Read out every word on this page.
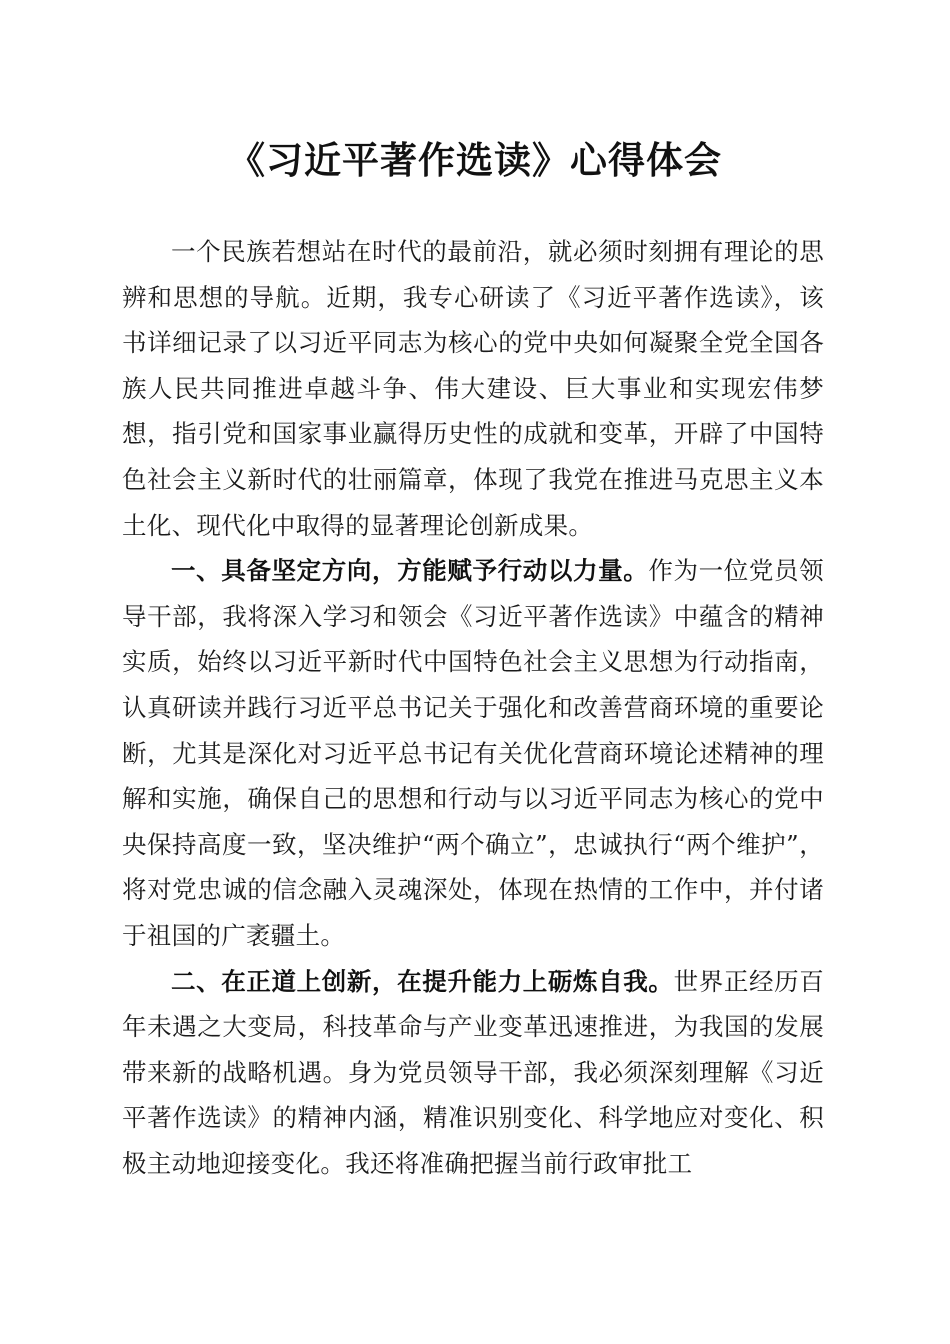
《习近平著作选读》心得体会

一个民族若想站在时代的最前沿，就必须时刻拥有理论的思辨和思想的导航。近期，我专心研读了《习近平著作选读》，该书详细记录了以习近平同志为核心的党中央如何凝聚全党全国各族人民共同推进卓越斗争、伟大建设、巨大事业和实现宏伟梦想，指引党和国家事业赢得历史性的成就和变革，开辟了中国特色社会主义新时代的壮丽篇章，体现了我党在推进马克思主义本土化、现代化中取得的显著理论创新成果。

一、具备坚定方向，方能赋予行动以力量。作为一位党员领导干部，我将深入学习和领会《习近平著作选读》中蕴含的精神实质，始终以习近平新时代中国特色社会主义思想为行动指南，认真研读并践行习近平总书记关于强化和改善营商环境的重要论断，尤其是深化对习近平总书记有关优化营商环境论述精神的理解和实施，确保自己的思想和行动与以习近平同志为核心的党中央保持高度一致，坚决维护“两个确立”，忠诚执行“两个维护”，将对党忠诚的信念融入灵魂深处，体现在热情的工作中，并付诸于祖国的广袤疆土。

二、在正道上创新，在提升能力上砺炼自我。世界正经历百年未遇之大变局，科技革命与产业变革迅速推进，为我国的发展带来新的战略机遇。身为党员领导干部，我必须深刻理解《习近平著作选读》的精神内涵，精准识别变化、科学地应对变化、积极主动地迎接变化。我还将准确把握当前行政审批工
